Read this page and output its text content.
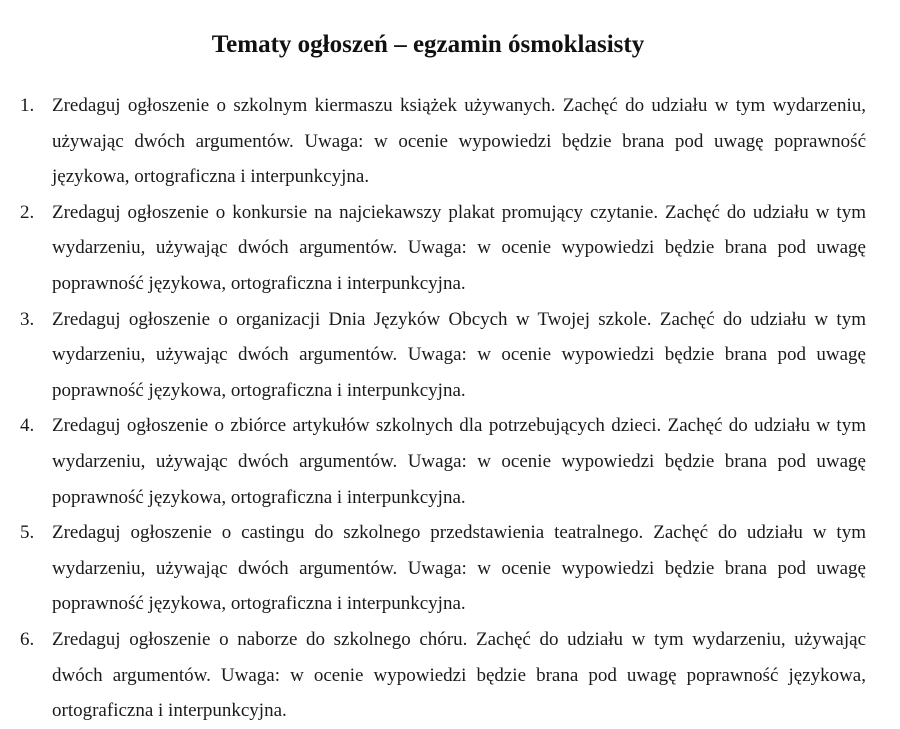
Tematy ogłoszeń – egzamin ósmoklasisty
1. Zredaguj ogłoszenie o szkolnym kiermaszu książek używanych. Zachęć do udziału w tym wydarzeniu, używając dwóch argumentów. Uwaga: w ocenie wypowiedzi będzie brana pod uwagę poprawność językowa, ortograficzna i interpunkcyjna.
2. Zredaguj ogłoszenie o konkursie na najciekawszy plakat promujący czytanie. Zachęć do udziału w tym wydarzeniu, używając dwóch argumentów. Uwaga: w ocenie wypowiedzi będzie brana pod uwagę poprawność językowa, ortograficzna i interpunkcyjna.
3. Zredaguj ogłoszenie o organizacji Dnia Języków Obcych w Twojej szkole. Zachęć do udziału w tym wydarzeniu, używając dwóch argumentów. Uwaga: w ocenie wypowiedzi będzie brana pod uwagę poprawność językowa, ortograficzna i interpunkcyjna.
4. Zredaguj ogłoszenie o zbiórce artykułów szkolnych dla potrzebujących dzieci. Zachęć do udziału w tym wydarzeniu, używając dwóch argumentów. Uwaga: w ocenie wypowiedzi będzie brana pod uwagę poprawność językowa, ortograficzna i interpunkcyjna.
5. Zredaguj ogłoszenie o castingu do szkolnego przedstawienia teatralnego. Zachęć do udziału w tym wydarzeniu, używając dwóch argumentów. Uwaga: w ocenie wypowiedzi będzie brana pod uwagę poprawność językowa, ortograficzna i interpunkcyjna.
6. Zredaguj ogłoszenie o naborze do szkolnego chóru. Zachęć do udziału w tym wydarzeniu, używając dwóch argumentów. Uwaga: w ocenie wypowiedzi będzie brana pod uwagę poprawność językowa, ortograficzna i interpunkcyjna.
